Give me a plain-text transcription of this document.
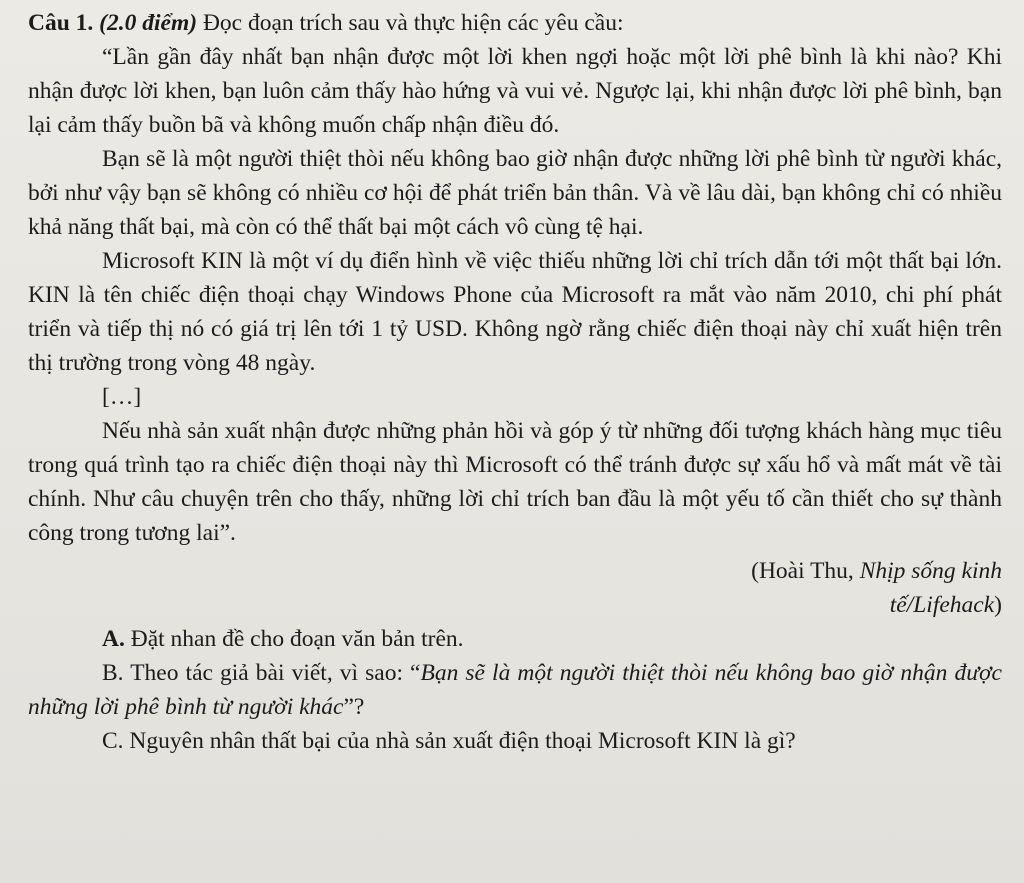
Câu 1. (2.0 điểm) Đọc đoạn trích sau và thực hiện các yêu cầu:

“Lần gần đây nhất bạn nhận được một lời khen ngợi hoặc một lời phê bình là khi nào? Khi nhận được lời khen, bạn luôn cảm thấy hào hứng và vui vẻ. Ngược lại, khi nhận được lời phê bình, bạn lại cảm thấy buồn bã và không muốn chấp nhận điều đó.

Bạn sẽ là một người thiệt thòi nếu không bao giờ nhận được những lời phê bình từ người khác, bởi như vậy bạn sẽ không có nhiều cơ hội để phát triển bản thân. Và về lâu dài, bạn không chỉ có nhiều khả năng thất bại, mà còn có thể thất bại một cách vô cùng tệ hại.

Microsoft KIN là một ví dụ điển hình về việc thiếu những lời chỉ trích dẫn tới một thất bại lớn. KIN là tên chiếc điện thoại chạy Windows Phone của Microsoft ra mắt vào năm 2010, chi phí phát triển và tiếp thị nó có giá trị lên tới 1 tỷ USD. Không ngờ rằng chiếc điện thoại này chỉ xuất hiện trên thị trường trong vòng 48 ngày.

[…]

Nếu nhà sản xuất nhận được những phản hồi và góp ý từ những đối tượng khách hàng mục tiêu trong quá trình tạo ra chiếc điện thoại này thì Microsoft có thể tránh được sự xấu hổ và mất mát về tài chính. Như câu chuyện trên cho thấy, những lời chỉ trích ban đầu là một yếu tố cần thiết cho sự thành công trong tương lai”.

(Hoài Thu, Nhịp sống kinh tế/Lifehack)

A. Đặt nhan đề cho đoạn văn bản trên.

B. Theo tác giả bài viết, vì sao: “Bạn sẽ là một người thiệt thòi nếu không bao giờ nhận được những lời phê bình từ người khác”?

C. Nguyên nhân thất bại của nhà sản xuất điện thoại Microsoft KIN là gì?
